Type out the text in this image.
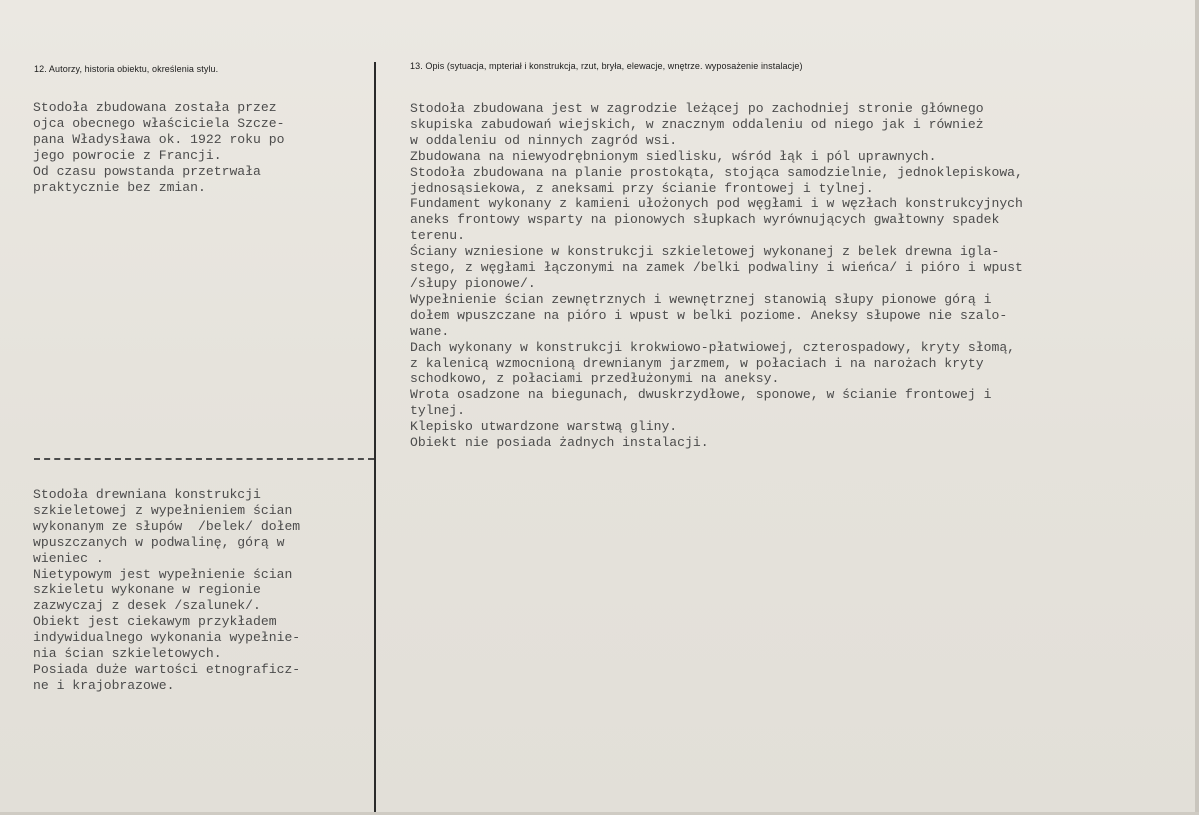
12. Autorzy, historia obiektu, określenia stylu.	13. Opis (sytuacja, mpteriał i konstrukcja, rzut, bryła, elewacje, wnętrze. wyposażenie instalacje)
Stodoła zbudowana została przez
ojca obecnego właściciela Szcze-
pana Władysława ok. 1922 roku po
jego powrocie z Francji.
Od czasu powstanda przetrwała
praktycznie bez zmian.
Stodoła drewniana konstrukcji
szkieletowej z wypełnieniem ścian
wykonanym ze słupów  /belek/ dołem
wpuszczanych w podwalinę, górą w
wieniec .
Nietypowym jest wypełnienie ścian
szkieletu wykonane w regionie
zazwyczaj z desek /szalunek/.
Obiekt jest ciekawym przykładem
indywidualnego wykonania wypełnie-
nia ścian szkieletowych.
Posiada duże wartości etnograficz-
ne i krajobrazowe.
Stodoła zbudowana jest w zagrodzie leżącej po zachodniej stronie głównego
skupiska zabudowań wiejskich, w znacznym oddaleniu od niego jak i również
w oddaleniu od ninnych zagród wsi.
Zbudowana na niewyodrębnionym siedlisku, wśród łąk i pól uprawnych.
Stodoła zbudowana na planie prostokąta, stojąca samodzielnie, jednoklepiskowa,
jednosąsiekowa, z aneksami przy ścianie frontowej i tylnej.
Fundament wykonany z kamieni ułożonych pod węgłami i w węzłach konstrukcyjnych
aneks frontowy wsparty na pionowych słupkach wyrównujących gwałtowny spadek
terenu.
Ściany wzniesione w konstrukcji szkieletowej wykonanej z belek drewna igla-
stego, z węgłami łączonymi na zamek /belki podwaliny i wieńca/ i pióro i wpust
/słupy pionowe/.
Wypełnienie ścian zewnętrznych i wewnętrznej stanowią słupy pionowe górą i
dołem wpuszczane na pióro i wpust w belki poziome. Aneksy słupowe nie szalo-
wane.
Dach wykonany w konstrukcji krokwiowo-płatwiowej, czterospadowy, kryty słomą,
z kalenicą wzmocnioną drewnianym jarzmem, w połaciach i na narożach kryty
schodkowo, z połaciami przedłużonymi na aneksy.
Wrota osadzone na biegunach, dwuskrzydłowe, sponowe, w ścianie frontowej i
tylnej.
Klepisko utwardzone warstwą gliny.
Obiekt nie posiada żadnych instalacji.
